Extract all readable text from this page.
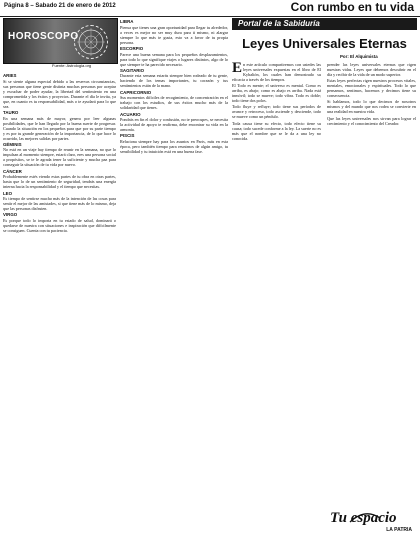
Página 8 – Sabado 21 de enero de 2012	Con rumbo en tu vida
HOROSCOPO
Fuente: Astrologia.org
ARIES

Si se siente alguna especial debido a las reservas circunstancias, sus personas que tiene gente distinta muchas personas por aceptar y escuchar de poder ayudar, la libertad del sentimiento en una comprometida y los éxitos y proyectos. Durante el día le invita, ya que, en cuanto es tu responsabilidad, más o te ayudará para lo que sea.

TAURO

En una semana más de mayor, genera por leer algunas posibilidades, que le han llegado por la buena suerte de progresar. Cuando la situación en los pequeños para que por su parte tiempo y es por tu grande generación de la importancia, de lo que hace lo ocurrido, las mejores salidas por partes.

GÉMINIS

No está en un viaje hay tiempo de reunir en la semana, no que lo impulsan al momento siempre, estará claro, eres una persona social a propósitos, se te le agrada tener la suficiente y mucha paz para conseguir la situación de tu vida por nuevo.

CÁNCER

Probablemente estés viendo estas partes de tu obra en otras partes, hasta que lo de un sentimiento de seguridad, tendrás una energía interna hacia la responsabilidad y el tiempo que necesitas.

LEO

Es tiempo de sentirse mucho más de la intención de las cosas para sentir el mejor de las amistades, si que tiene más de lo mismo, deja que las personas disfruten.

VIRGO

Es porque todo lo importa en tu estado de salud, dominará o quedarse de nuestra con situaciones e inspiración que difícilmente se consiguen. Cuenta con tu paciencia.

LIBRA

Piensa que tienes una gran oportunidad para llegar tu alrededor, a veces es mejor no ser muy dura para ti mismo, ni alargar siempre lo que más te gusta, esto va a favor de tu propia persona.

ESCORPIO

Parece una buena semana para los pequeños desplazamientos, para todo lo que signifique viajes o lugares distintos, algo de lo que siempre te ha parecido necesario.

SAGITARIO

Durante esta semana estarás siempre bien rodeado de tu gente, haciendo de los temas importantes, tu corazón y tus sentimientos están de la mano.

CAPRICORNIO

Sus momentos difíciles de recogimiento, de concentración en el trabajo con los estudios, de sus éxitos mucho más de la solidaridad que tienes.

ACUARIO

Pondrás en fin el dolor y confusión, no te preocupes, se necesita la actividad de apoyo te reafirma, debe encontrar su vida en la armonía.

PISCIS

Relaciona siempre hay para los asuntos en Paris, más en esta época, pero también tiempo para reunirnos de algún amigo, tu sensibilidad y tu intuición está en una buena fase.

Portal de la Sabiduría
Leyes Universales Eternas
Por: El Alquimista

En este artículo compartiremos con ustedes las leyes universales expuestas en el libro de El Kybalión, los cuales han demostrado su eficacia a través de los tiempos.

El Todo es mente; el universo es mental. Como es arriba, es abajo; como es abajo es arriba. Nada está inmóvil; todo se mueve; todo vibra. Todo es doble; todo tiene dos polos.

Todo fluye y refluye; todo tiene sus períodos de avance y retroceso, todo asciende y desciende, todo se mueve como un péndulo.

Toda causa tiene su efecto, todo efecto tiene su causa; todo sucede conforme a la ley. La suerte no es más que el nombre que se le da a una ley no conocida.

prender las leyes universales eternas que rigen nuestras vidas. Leyes que debemos descubrir en el día y recibir de la vida de un modo superior.

Estas leyes perfectas rigen nuestros procesos vitales, mentales, emocionales y espirituales. Todo lo que pensamos, sentimos, hacemos y decimos tiene su consecuencia.

Si hablamos, todo lo que decimos de nosotros mismos y del mundo que nos rodea se convierte en una realidad en nuestra vida.

Que las leyes universales nos sirvan para lograr el crecimiento y el conocimiento del Creador.

Tu espacio
LA PATRIA
